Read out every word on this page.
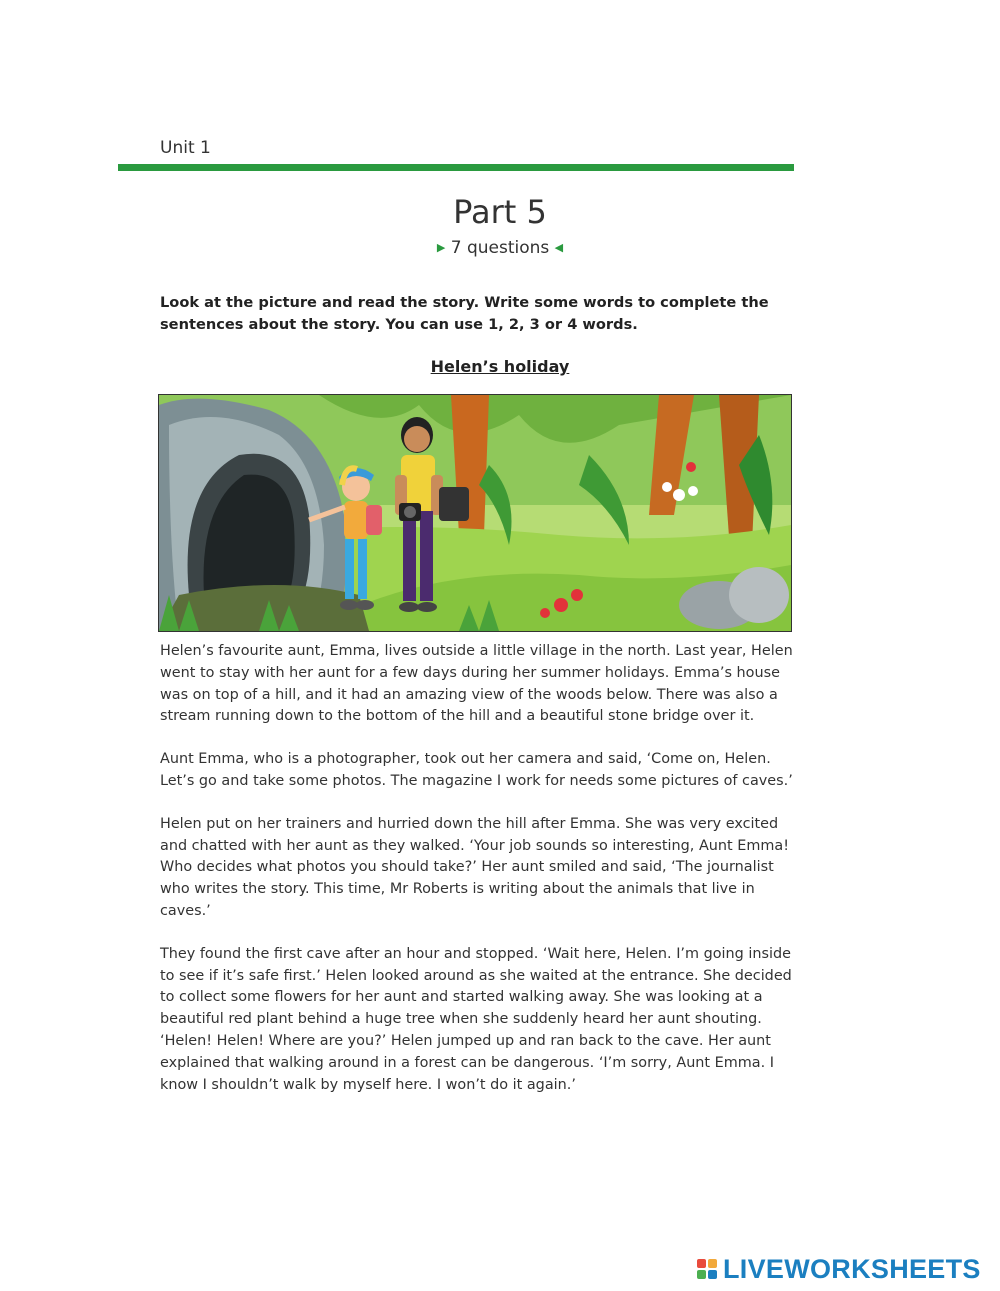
Unit 1
Part 5
▶ 7 questions ◀
Look at the picture and read the story. Write some words to complete the sentences about the story. You can use 1, 2, 3 or 4 words.
Helen’s holiday

Helen’s favourite aunt, Emma, lives outside a little village in the north. Last year, Helen went to stay with her aunt for a few days during her summer holidays. Emma’s house was on top of a hill, and it had an amazing view of the woods below. There was also a stream running down to the bottom of the hill and a beautiful stone bridge over it.

Aunt Emma, who is a photographer, took out her camera and said, ‘Come on, Helen. Let’s go and take some photos. The magazine I work for needs some pictures of caves.’

Helen put on her trainers and hurried down the hill after Emma. She was very excited and chatted with her aunt as they walked. ‘Your job sounds so interesting, Aunt Emma! Who decides what photos you should take?’ Her aunt smiled and said, ‘The journalist who writes the story. This time, Mr Roberts is writing about the animals that live in caves.’

They found the first cave after an hour and stopped. ‘Wait here, Helen. I’m going inside to see if it’s safe first.’ Helen looked around as she waited at the entrance. She decided to collect some flowers for her aunt and started walking away. She was looking at a beautiful red plant behind a huge tree when she suddenly heard her aunt shouting. ‘Helen! Helen! Where are you?’ Helen jumped up and ran back to the cave. Her aunt explained that walking around in a forest can be dangerous. ‘I’m sorry, Aunt Emma. I know I shouldn’t walk by myself here. I won’t do it again.’

LIVEWORKSHEETS
